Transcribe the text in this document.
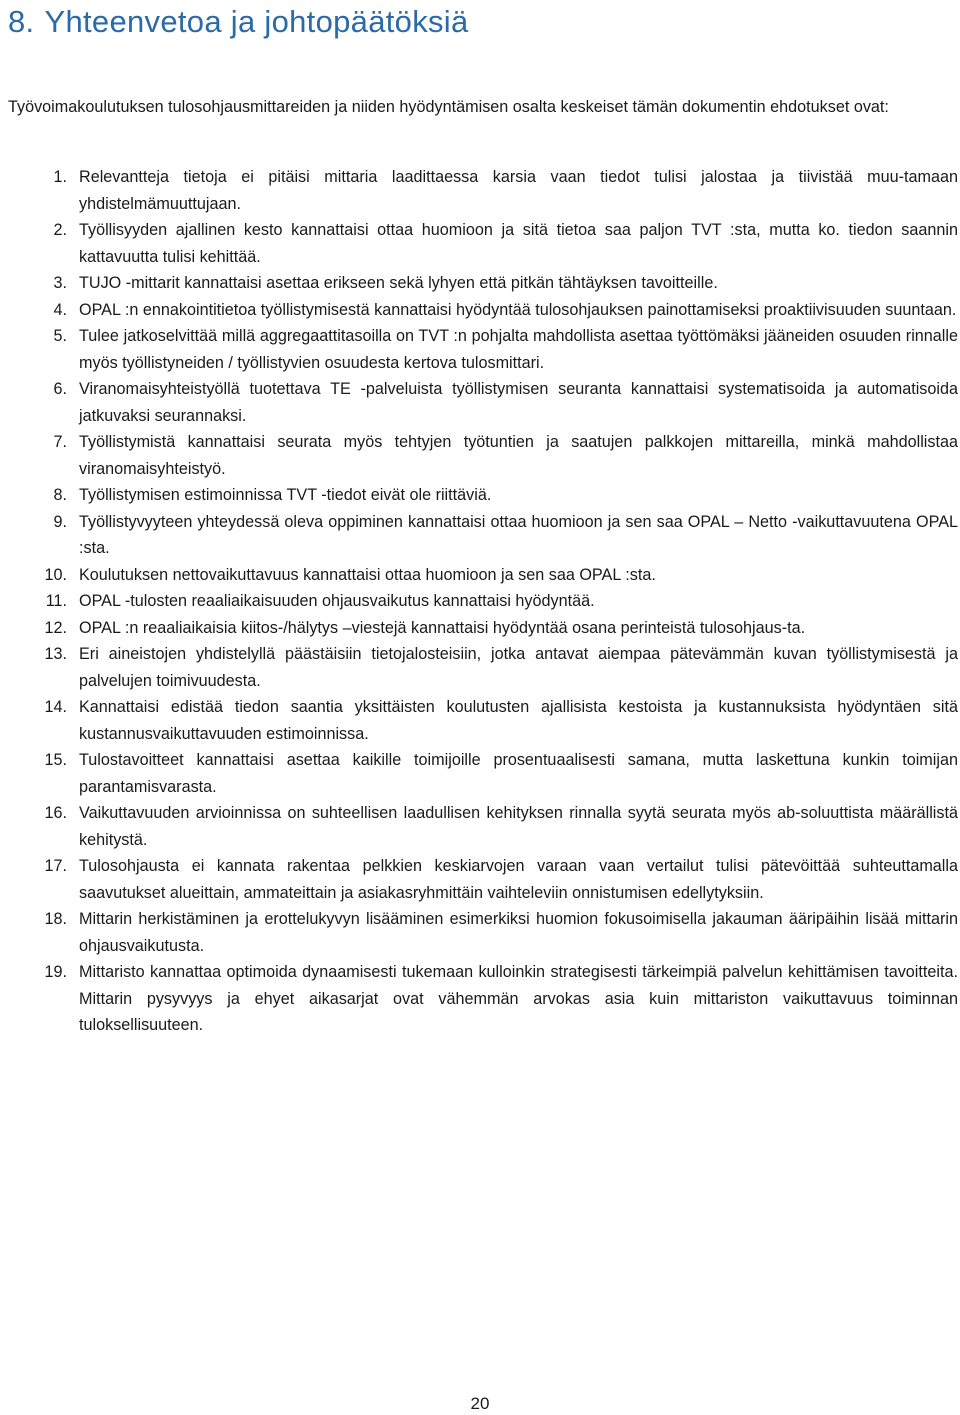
8. Yhteenvetoa ja johtopäätöksiä

Työvoimakoulutuksen tulosohjausmittareiden ja niiden hyödyntämisen osalta keskeiset tämän dokumentin ehdotukset ovat:

1. Relevantteja tietoja ei pitäisi mittaria laadittaessa karsia vaan tiedot tulisi jalostaa ja tiivistää muu-tamaan yhdistelmämuuttujaan.
2. Työllisyyden ajallinen kesto kannattaisi ottaa huomioon ja sitä tietoa saa paljon TVT :sta, mutta ko. tiedon saannin kattavuutta tulisi kehittää.
3. TUJO -mittarit kannattaisi asettaa erikseen sekä lyhyen että pitkän tähtäyksen tavoitteille.
4. OPAL :n ennakointitietoa työllistymisestä kannattaisi hyödyntää tulosohjauksen painottamiseksi proaktiivisuuden suuntaan.
5. Tulee jatkoselvittää millä aggregaattitasoilla on TVT :n pohjalta mahdollista asettaa työttömäksi jääneiden osuuden rinnalle myös työllistyneiden / työllistyvien osuudesta kertova tulosmittari.
6. Viranomaisyhteistyöllä tuotettava TE -palveluista työllistymisen seuranta kannattaisi systematisoida ja automatisoida jatkuvaksi seurannaksi.
7. Työllistymistä kannattaisi seurata myös tehtyjen työtuntien ja saatujen palkkojen mittareilla, minkä mahdollistaa viranomaisyhteistyö.
8. Työllistymisen estimoinnissa TVT -tiedot eivät ole riittäviä.
9. Työllistyvyyteen yhteydessä oleva oppiminen kannattaisi ottaa huomioon ja sen saa OPAL – Netto -vaikuttavuutena OPAL :sta.
10. Koulutuksen nettovaikuttavuus kannattaisi ottaa huomioon ja sen saa OPAL :sta.
11. OPAL -tulosten reaaliaikaisuuden ohjausvaikutus kannattaisi hyödyntää.
12. OPAL :n reaaliaikaisia kiitos-/hälytys –viestejä kannattaisi hyödyntää osana perinteistä tulosohjaus-ta.
13. Eri aineistojen yhdistelyllä päästäisiin tietojalosteisiin, jotka antavat aiempaa pätevämmän kuvan työllistymisestä ja palvelujen toimivuudesta.
14. Kannattaisi edistää tiedon saantia yksittäisten koulutusten ajallisista kestoista ja kustannuksista hyödyntäen sitä kustannusvaikuttavuuden estimoinnissa.
15. Tulostavoitteet kannattaisi asettaa kaikille toimijoille prosentuaalisesti samana, mutta laskettuna kunkin toimijan parantamisvarasta.
16. Vaikuttavuuden arvioinnissa on suhteellisen laadullisen kehityksen rinnalla syytä seurata myös ab-soluuttista määrällistä kehitystä.
17. Tulosohjausta ei kannata rakentaa pelkkien keskiarvojen varaan vaan vertailut tulisi pätevöittää suhteuttamalla saavutukset alueittain, ammateittain ja asiakasryhmittäin vaihteleviin onnistumisen edellytyksiin.
18. Mittarin herkistäminen ja erottelukyvyn lisääminen esimerkiksi huomion fokusoimisella jakauman ääripäihin lisää mittarin ohjausvaikutusta.
19. Mittaristo kannattaa optimoida dynaamisesti tukemaan kulloinkin strategisesti tärkeimpiä palvelun kehittämisen tavoitteita. Mittarin pysyvyys ja ehyet aikasarjat ovat vähemmän arvokas asia kuin mittariston vaikuttavuus toiminnan tuloksellisuuteen.
20
